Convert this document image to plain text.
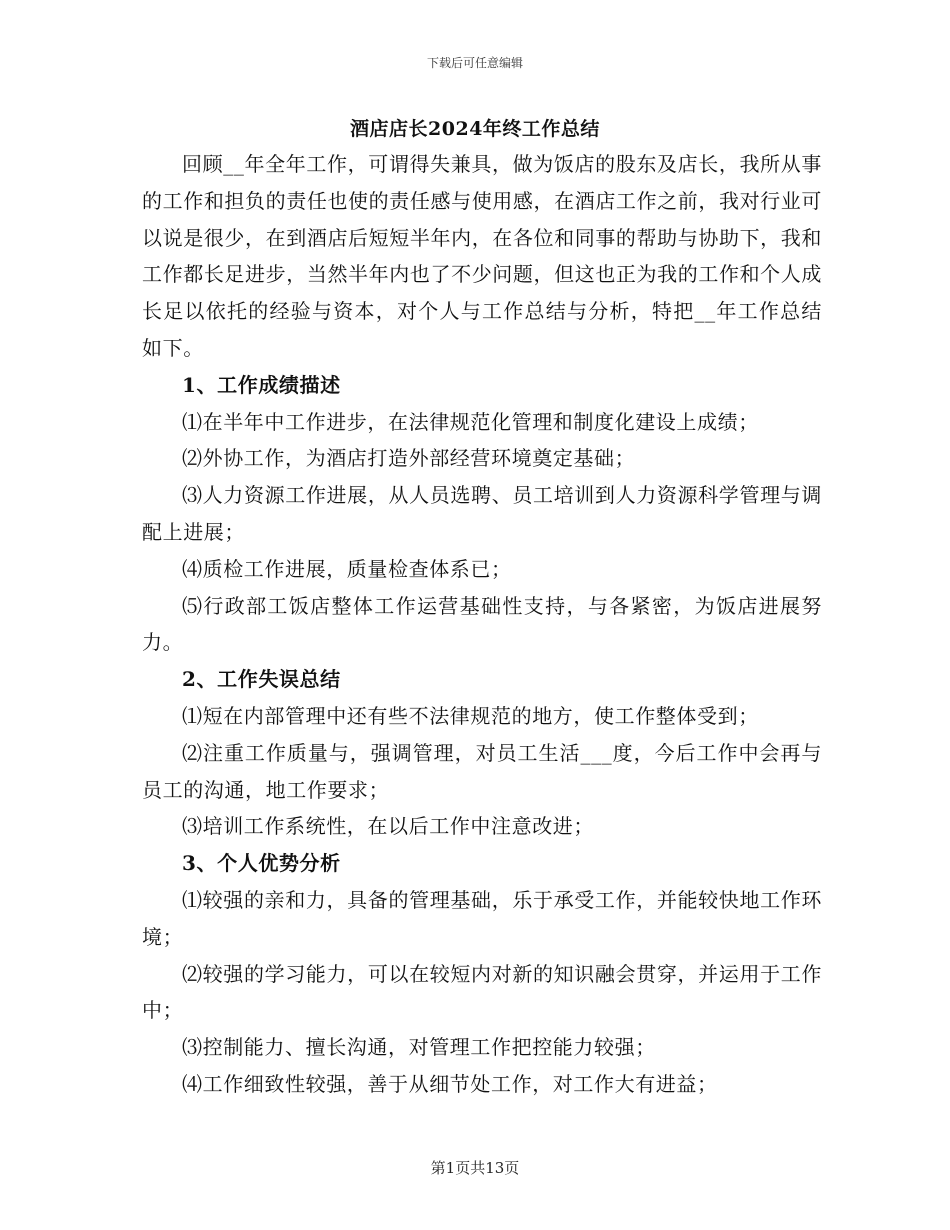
下载后可任意编辑
酒店店长2024年终工作总结

回顾__年全年工作，可谓得失兼具，做为饭店的股东及店长，我所从事的工作和担负的责任也使的责任感与使用感，在酒店工作之前，我对行业可以说是很少，在到酒店后短短半年内，在各位和同事的帮助与协助下，我和工作都长足进步，当然半年内也了不少问题，但这也正为我的工作和个人成长足以依托的经验与资本，对个人与工作总结与分析，特把__年工作总结如下。

1、工作成绩描述

⑴在半年中工作进步，在法律规范化管理和制度化建设上成绩；

⑵外协工作，为酒店打造外部经营环境奠定基础；

⑶人力资源工作进展，从人员选聘、员工培训到人力资源科学管理与调配上进展；

⑷质检工作进展，质量检查体系已；

⑸行政部工饭店整体工作运营基础性支持，与各紧密，为饭店进展努力。

2、工作失误总结

⑴短在内部管理中还有些不法律规范的地方，使工作整体受到；

⑵注重工作质量与，强调管理，对员工生活___度，今后工作中会再与员工的沟通，地工作要求；

⑶培训工作系统性，在以后工作中注意改进；

3、个人优势分析

⑴较强的亲和力，具备的管理基础，乐于承受工作，并能较快地工作环境；

⑵较强的学习能力，可以在较短内对新的知识融会贯穿，并运用于工作中；

⑶控制能力、擅长沟通，对管理工作把控能力较强；

⑷工作细致性较强，善于从细节处工作，对工作大有进益；

第1页共13页
